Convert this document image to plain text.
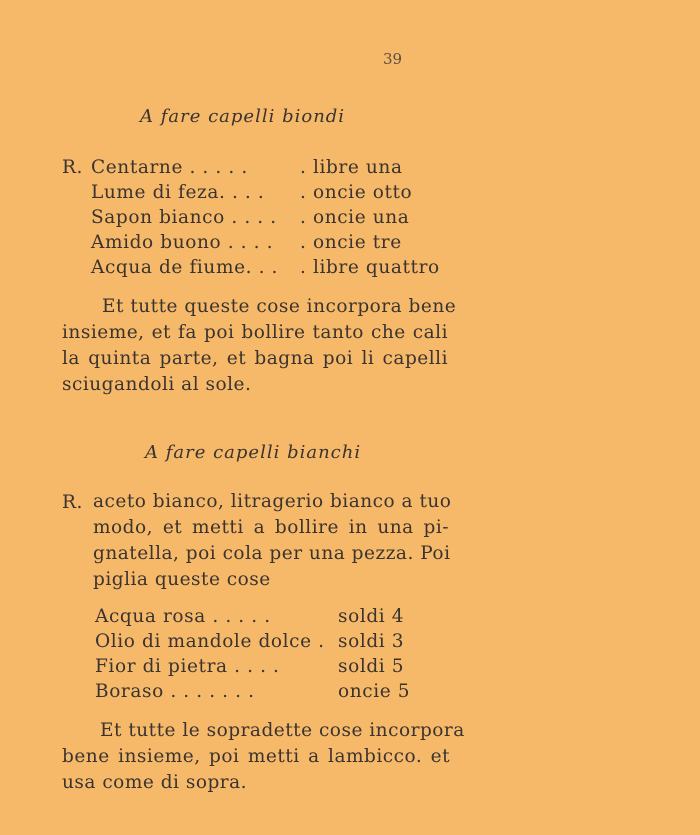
39
A fare capelli biondi
R. Centarne . . . . .	. libre una
Lume di feza. . . . . oncie otto
Sapon bianco . . . . . oncie una
Amido buono . . . . . oncie tre
Acqua de fiume. . . . libre quattro
Et tutte queste cose incorpora bene
insieme, et fa poi bollire tanto che cali
la quinta parte, et bagna poi li capelli
sciugandoli al sole.
A fare capelli bianchi
R. aceto bianco, litragerio bianco a tuo
modo, et metti a bollire in una pi-
gnatella, poi cola per una pezza. Poi
piglia queste cose
Acqua rosa . . . . .	soldi 4
Olio di mandole dolce . soldi 3
Fior di pietra . . . .	soldi 5
Boraso . . . . . . .	oncie 5
Et tutte le sopradette cose incorpora
bene insieme, poi metti a lambicco. et
usa come di sopra.
